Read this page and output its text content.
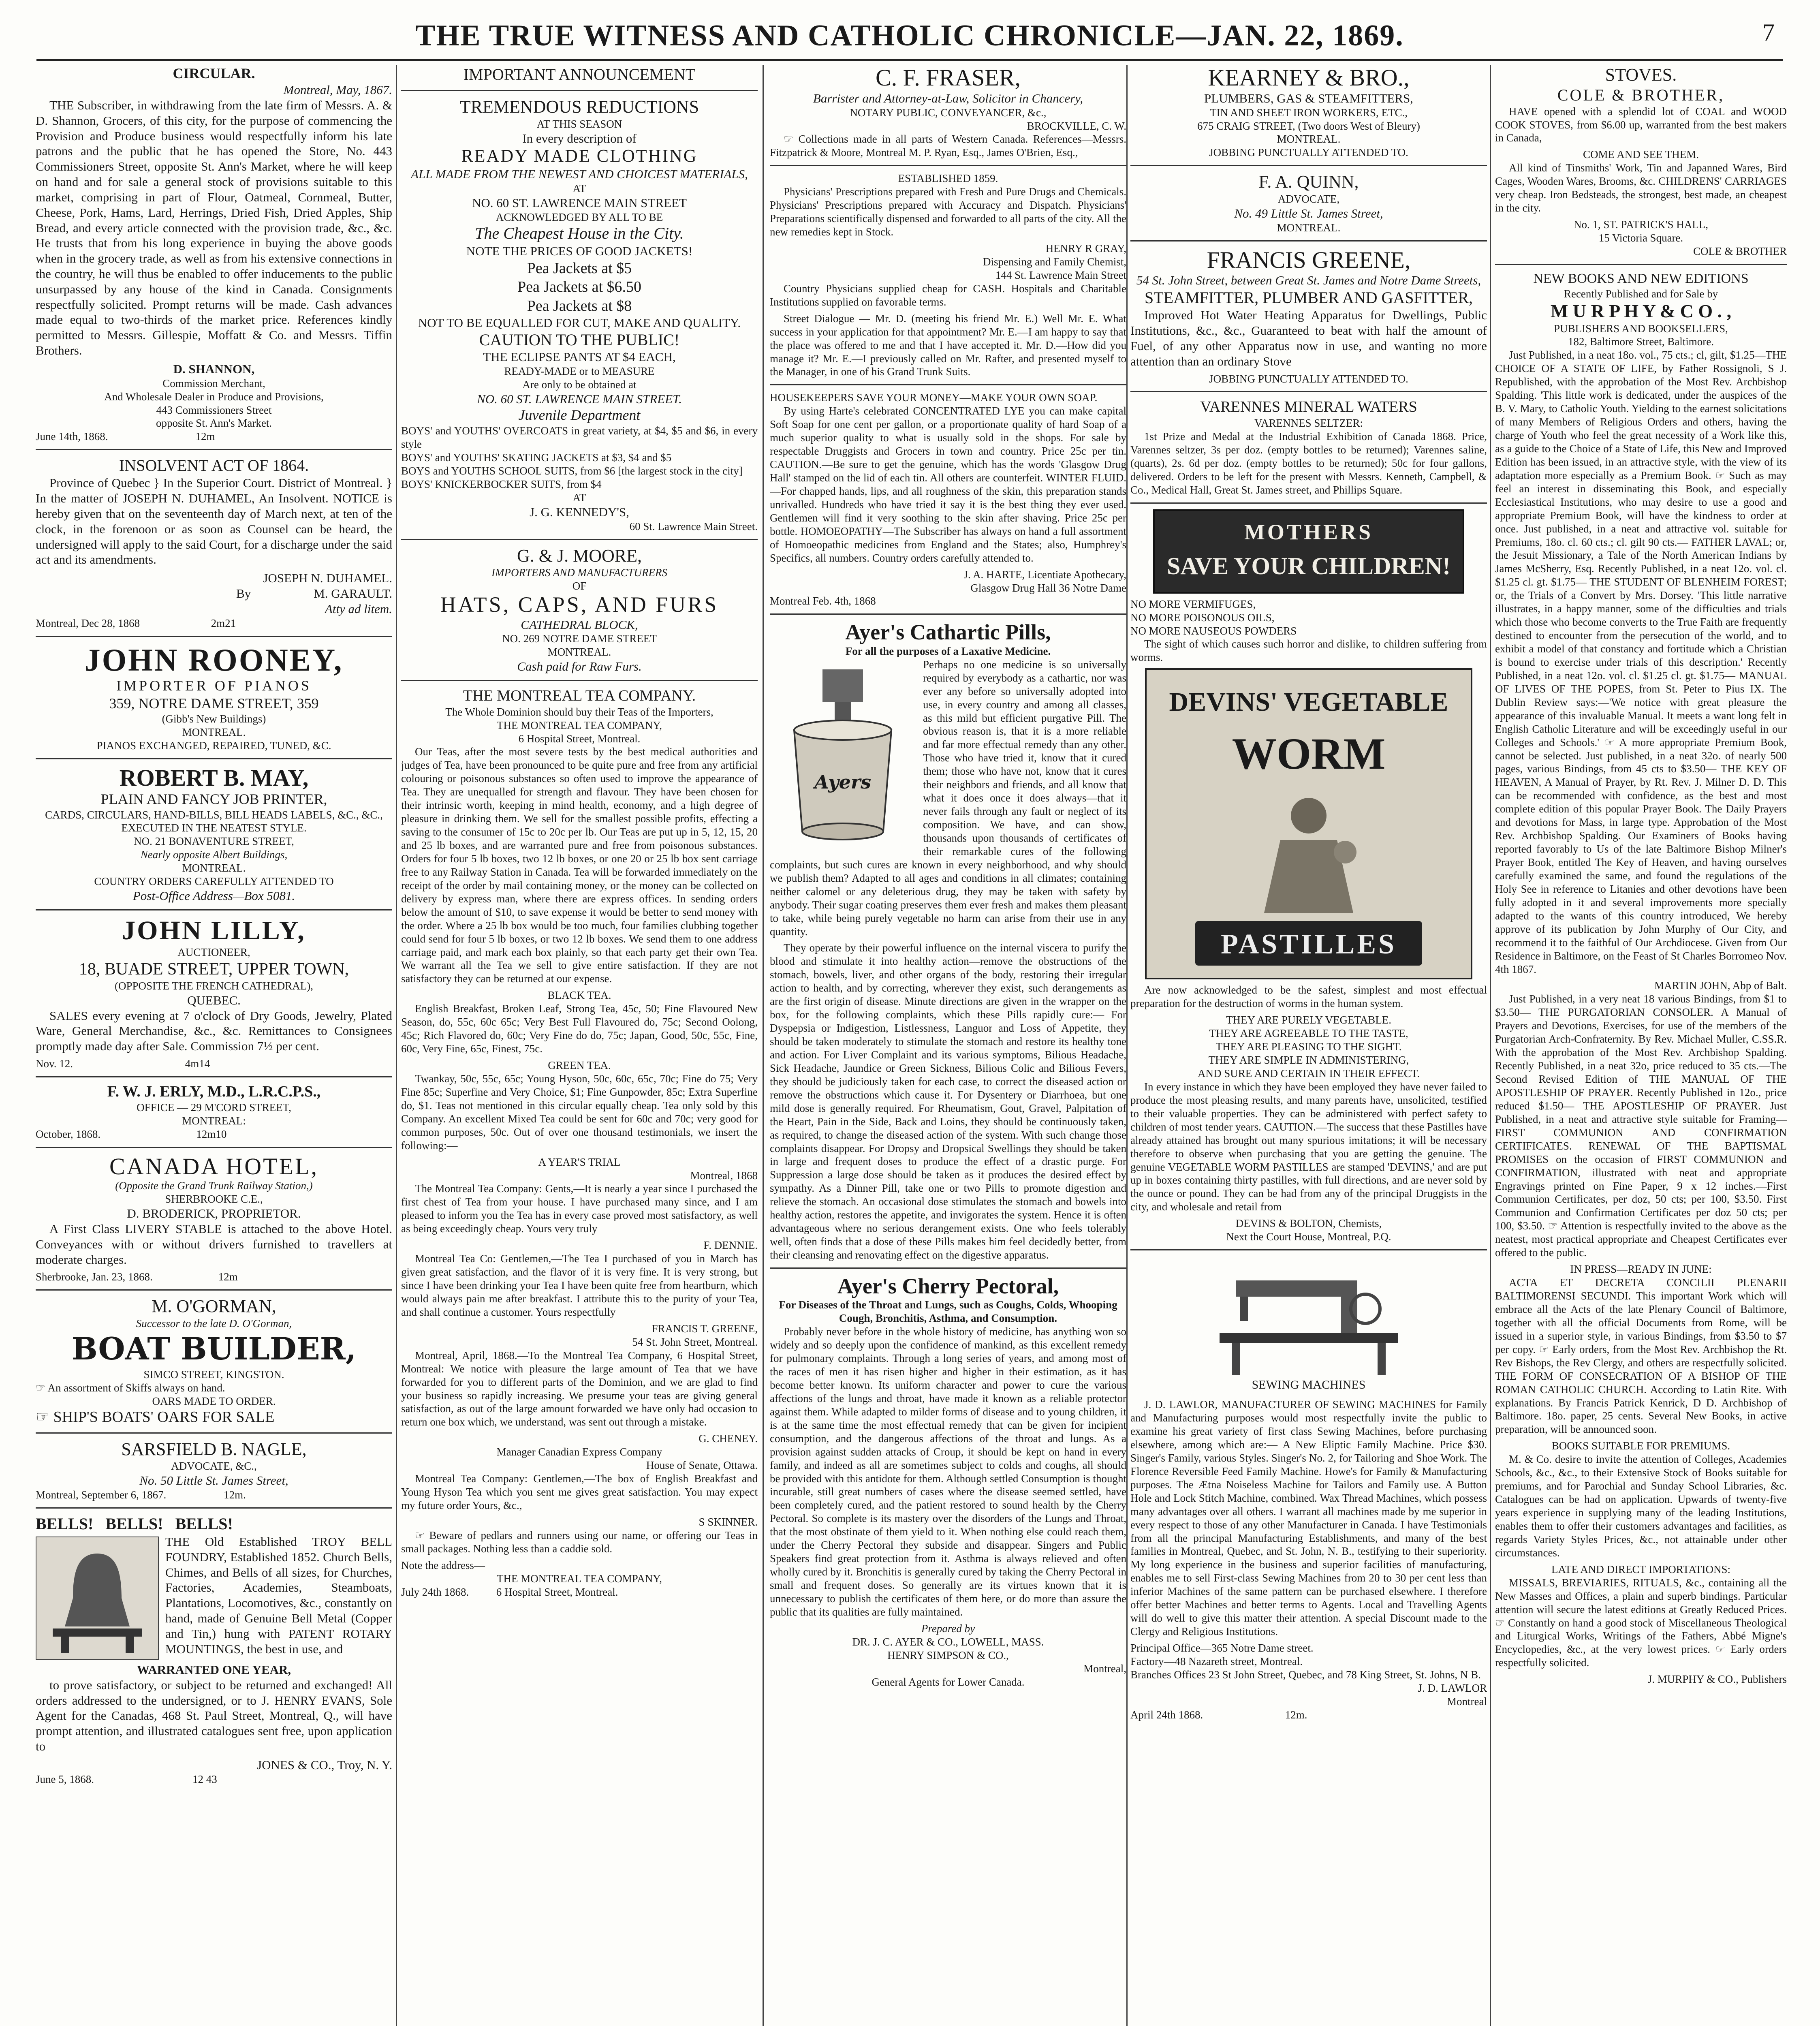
THE TRUE WITNESS AND CATHOLIC CHRONICLE—JAN. 22, 1869.	7
CIRCULAR.
Montreal, May, 1867.

THE Subscriber, in withdrawing from the late firm of Messrs. A. & D. Shannon, Grocers, of this city, for the purpose of commencing the Provision and Produce business would respectfully inform his late patrons and the public that he has opened the Store, No. 443 Commissioners Street, opposite St. Ann's Market, where he will keep on hand and for sale a general stock of provisions suitable to this market, comprising in part of Flour, Oatmeal, Cornmeal, Butter, Cheese, Pork, Hams, Lard, Herrings, Dried Fish, Dried Apples, Ship Bread, and every article connected with the provision trade, &c., &c. He trusts that from his long experience in buying the above goods when in the grocery trade, as well as from his extensive connections in the country, he will thus be enabled to offer inducements to the public unsurpassed by any house of the kind in Canada. Consignments respectfully solicited. Prompt returns will be made. Cash advances made equal to two-thirds of the market price. References kindly permitted to Messrs. Gillespie, Moffatt & Co. and Messrs. Tiffin Brothers.

D. SHANNON,
Commission Merchant,
And Wholesale Dealer in Produce and Provisions,
443 Commissioners Street
opposite St. Ann's Market.
June 14th, 1868.                                12m
INSOLVENT ACT OF 1864.

Province of Quebec } In the Superior Court. District of Montreal. } In the matter of JOSEPH N. DUHAMEL, An Insolvent. NOTICE is hereby given that on the seventeenth day of March next, at ten of the clock, in the forenoon or as soon as Counsel can be heard, the undersigned will apply to the said Court, for a discharge under the said act and its amendments.

JOSEPH N. DUHAMEL.
By                    M. GARAULT.
Atty ad litem.
Montreal, Dec 28, 1868                          2m21
JOHN ROONEY,
IMPORTER OF PIANOS
359, NOTRE DAME STREET, 359
(Gibb's New Buildings)
MONTREAL.
PIANOS EXCHANGED, REPAIRED, TUNED, &C.
ROBERT B. MAY,
PLAIN AND FANCY JOB PRINTER,
CARDS, CIRCULARS, HAND-BILLS, BILL HEADS LABELS, &C., &C.,
EXECUTED IN THE NEATEST STYLE.
NO. 21 BONAVENTURE STREET,
Nearly opposite Albert Buildings,
MONTREAL.
COUNTRY ORDERS CAREFULLY ATTENDED TO
Post-Office Address—Box 5081.
JOHN LILLY,
AUCTIONEER,
18, BUADE STREET, UPPER TOWN,
(OPPOSITE THE FRENCH CATHEDRAL),
QUEBEC.

SALES every evening at 7 o'clock of Dry Goods, Jewelry, Plated Ware, General Merchandise, &c., &c. Remittances to Consignees promptly made day after Sale. Commission 7½ per cent.

Nov. 12.                                         4m14
F. W. J. ERLY, M.D., L.R.C.P.S.,
OFFICE — 29 M'CORD STREET,
MONTREAL:
October, 1868.                                   12m10
CANADA HOTEL,
(Opposite the Grand Trunk Railway Station,)
SHERBROOKE C.E.,
D. BRODERICK, PROPRIETOR.

A First Class LIVERY STABLE is attached to the above Hotel. Conveyances with or without drivers furnished to travellers at moderate charges.

Sherbrooke, Jan. 23, 1868.                        12m
M. O'GORMAN,
Successor to the late D. O'Gorman,
BOAT BUILDER,
SIMCO STREET, KINGSTON.
☞ An assortment of Skiffs always on hand.
OARS MADE TO ORDER.
☞ SHIP'S BOATS' OARS FOR SALE
SARSFIELD B. NAGLE,
ADVOCATE, &C.,
No. 50 Little St. James Street,
Montreal, September 6, 1867.                     12m.
BELLS!   BELLS!   BELLS!

THE Old Established TROY BELL FOUNDRY, Established 1852. Church Bells, Chimes, and Bells of all sizes, for Churches, Factories, Academies, Steamboats, Plantations, Locomotives, &c., constantly on hand, made of Genuine Bell Metal (Copper and Tin,) hung with PATENT ROTARY MOUNTINGS, the best in use, and

WARRANTED ONE YEAR,

to prove satisfactory, or subject to be returned and exchanged! All orders addressed to the undersigned, or to J. HENRY EVANS, Sole Agent for the Canadas, 468 St. Paul Street, Montreal, Q., will have prompt attention, and illustrated catalogues sent free, upon application to

JONES & CO., Troy, N. Y.
June 5, 1868.                                    12 43
IMPORTANT ANNOUNCEMENT
TREMENDOUS REDUCTIONS
AT THIS SEASON
In every description of
READY MADE CLOTHING
ALL MADE FROM THE NEWEST AND CHOICEST MATERIALS,
AT
NO. 60 ST. LAWRENCE MAIN STREET
ACKNOWLEDGED BY ALL TO BE
The Cheapest House in the City.
NOTE THE PRICES OF GOOD JACKETS!
Pea Jackets at $5
Pea Jackets at $6.50
Pea Jackets at $8
NOT TO BE EQUALLED FOR CUT, MAKE AND QUALITY.
CAUTION TO THE PUBLIC!
THE ECLIPSE PANTS AT $4 EACH,
READY-MADE or to MEASURE
Are only to be obtained at
NO. 60 ST. LAWRENCE MAIN STREET.
Juvenile Department
BOYS' and YOUTHS' OVERCOATS in great variety, at $4, $5 and $6, in every style
BOYS' and YOUTHS' SKATING JACKETS at $3, $4 and $5
BOYS and YOUTHS SCHOOL SUITS, from $6 [the largest stock in the city]
BOYS' KNICKERBOCKER SUITS, from $4
AT
J. G. KENNEDY'S,
60 St. Lawrence Main Street.
G. & J. MOORE,
IMPORTERS AND MANUFACTURERS
OF
HATS, CAPS, AND FURS
CATHEDRAL BLOCK,
NO. 269 NOTRE DAME STREET
MONTREAL.
Cash paid for Raw Furs.
THE MONTREAL TEA COMPANY.
The Whole Dominion should buy their Teas of the Importers,
THE MONTREAL TEA COMPANY,
6 Hospital Street, Montreal.

Our Teas, after the most severe tests by the best medical authorities and judges of Tea, have been pronounced to be quite pure and free from any artificial colouring or poisonous substances so often used to improve the appearance of Tea. They are unequalled for strength and flavour. They have been chosen for their intrinsic worth, keeping in mind health, economy, and a high degree of pleasure in drinking them. We sell for the smallest possible profits, effecting a saving to the consumer of 15c to 20c per lb. Our Teas are put up in 5, 12, 15, 20 and 25 lb boxes, and are warranted pure and free from poisonous substances. Orders for four 5 lb boxes, two 12 lb boxes, or one 20 or 25 lb box sent carriage free to any Railway Station in Canada. Tea will be forwarded immediately on the receipt of the order by mail containing money, or the money can be collected on delivery by express man, where there are express offices. In sending orders below the amount of $10, to save expense it would be better to send money with the order. Where a 25 lb box would be too much, four families clubbing together could send for four 5 lb boxes, or two 12 lb boxes. We send them to one address carriage paid, and mark each box plainly, so that each party get their own Tea. We warrant all the Tea we sell to give entire satisfaction. If they are not satisfactory they can be returned at our expense.

BLACK TEA.

English Breakfast, Broken Leaf, Strong Tea, 45c, 50; Fine Flavoured New Season, do, 55c, 60c 65c; Very Best Full Flavoured do, 75c; Second Oolong, 45c; Rich Flavored do, 60c; Very Fine do do, 75c; Japan, Good, 50c, 55c, Fine, 60c, Very Fine, 65c, Finest, 75c.

GREEN TEA.

Twankay, 50c, 55c, 65c; Young Hyson, 50c, 60c, 65c, 70c; Fine do 75; Very Fine 85c; Superfine and Very Choice, $1; Fine Gunpowder, 85c; Extra Superfine do, $1. Teas not mentioned in this circular equally cheap. Tea only sold by this Company. An excellent Mixed Tea could be sent for 60c and 70c; very good for common purposes, 50c. Out of over one thousand testimonials, we insert the following:—

A YEAR'S TRIAL
Montreal, 1868

The Montreal Tea Company: Gents,—It is nearly a year since I purchased the first chest of Tea from your house. I have purchased many since, and I am pleased to inform you the Tea has in every case proved most satisfactory, as well as being exceedingly cheap. Yours very truly

F. DENNIE.

Montreal Tea Co: Gentlemen,—The Tea I purchased of you in March has given great satisfaction, and the flavor of it is very fine. It is very strong, but since I have been drinking your Tea I have been quite free from heartburn, which would always pain me after breakfast. I attribute this to the purity of your Tea, and shall continue a customer. Yours respectfully

FRANCIS T. GREENE,
54 St. John Street, Montreal.

Montreal, April, 1868.—To the Montreal Tea Company, 6 Hospital Street, Montreal: We notice with pleasure the large amount of Tea that we have forwarded for you to different parts of the Dominion, and we are glad to find your business so rapidly increasing. We presume your teas are giving general satisfaction, as out of the large amount forwarded we have only had occasion to return one box which, we understand, was sent out through a mistake.

G. CHENEY.
Manager Canadian Express Company
House of Senate, Ottawa.

Montreal Tea Company: Gentlemen,—The box of English Breakfast and Young Hyson Tea which you sent me gives great satisfaction. You may expect my future order Yours, &c.,

S SKINNER.

☞ Beware of pedlars and runners using our name, or offering our Teas in small packages. Nothing less than a caddie sold.

Note the address—
THE MONTREAL TEA COMPANY,
July 24th 1868.          6 Hospital Street, Montreal.
C. F. FRASER,
Barrister and Attorney-at-Law, Solicitor in Chancery,
NOTARY PUBLIC, CONVEYANCER, &c.,
BROCKVILLE, C. W.

☞ Collections made in all parts of Western Canada. References—Messrs. Fitzpatrick & Moore, Montreal M. P. Ryan, Esq., James O'Brien, Esq.,

ESTABLISHED 1859.

Physicians' Prescriptions prepared with Fresh and Pure Drugs and Chemicals. Physicians' Prescriptions prepared with Accuracy and Dispatch. Physicians' Preparations scientifically dispensed and forwarded to all parts of the city. All the new remedies kept in Stock.

HENRY R GRAY,
Dispensing and Family Chemist,
144 St. Lawrence Main Street

Country Physicians supplied cheap for CASH. Hospitals and Charitable Institutions supplied on favorable terms.

Street Dialogue — Mr. D. (meeting his friend Mr. E.) Well Mr. E. What success in your application for that appointment? Mr. E.—I am happy to say that the place was offered to me and that I have accepted it. Mr. D.—How did you manage it? Mr. E.—I previously called on Mr. Rafter, and presented myself to the Manager, in one of his Grand Trunk Suits.

HOUSEKEEPERS SAVE YOUR MONEY—MAKE YOUR OWN SOAP.

By using Harte's celebrated CONCENTRATED LYE you can make capital Soft Soap for one cent per gallon, or a proportionate quality of hard Soap of a much superior quality to what is usually sold in the shops. For sale by respectable Druggists and Grocers in town and country. Price 25c per tin. CAUTION.—Be sure to get the genuine, which has the words 'Glasgow Drug Hall' stamped on the lid of each tin. All others are counterfeit. WINTER FLUID.—For chapped hands, lips, and all roughness of the skin, this preparation stands unrivalled. Hundreds who have tried it say it is the best thing they ever used. Gentlemen will find it very soothing to the skin after shaving. Price 25c per bottle. HOMOEOPATHY—The Subscriber has always on hand a full assortment of Homoeopathic medicines from England and the States; also, Humphrey's Specifics, all numbers. Country orders carefully attended to.

J. A. HARTE, Licentiate Apothecary,
Glasgow Drug Hall 36 Notre Dame
Montreal Feb. 4th, 1868
Ayer's Cathartic Pills,
For all the purposes of a Laxative Medicine.
Ayers

Perhaps no one medicine is so universally required by everybody as a cathartic, nor was ever any before so universally adopted into use, in every country and among all classes, as this mild but efficient purgative Pill. The obvious reason is, that it is a more reliable and far more effectual remedy than any other. Those who have tried it, know that it cured them; those who have not, know that it cures their neighbors and friends, and all know that what it does once it does always—that it never fails through any fault or neglect of its composition. We have, and can show, thousands upon thousands of certificates of their remarkable cures of the following complaints, but such cures are known in every neighborhood, and why should we publish them? Adapted to all ages and conditions in all climates; containing neither calomel or any deleterious drug, they may be taken with safety by anybody. Their sugar coating preserves them ever fresh and makes them pleasant to take, while being purely vegetable no harm can arise from their use in any quantity.

They operate by their powerful influence on the internal viscera to purify the blood and stimulate it into healthy action—remove the obstructions of the stomach, bowels, liver, and other organs of the body, restoring their irregular action to health, and by correcting, wherever they exist, such derangements as are the first origin of disease. Minute directions are given in the wrapper on the box, for the following complaints, which these Pills rapidly cure:— For Dyspepsia or Indigestion, Listlessness, Languor and Loss of Appetite, they should be taken moderately to stimulate the stomach and restore its healthy tone and action. For Liver Complaint and its various symptoms, Bilious Headache, Sick Headache, Jaundice or Green Sickness, Bilious Colic and Bilious Fevers, they should be judiciously taken for each case, to correct the diseased action or remove the obstructions which cause it. For Dysentery or Diarrhoea, but one mild dose is generally required. For Rheumatism, Gout, Gravel, Palpitation of the Heart, Pain in the Side, Back and Loins, they should be continuously taken, as required, to change the diseased action of the system. With such change those complaints disappear. For Dropsy and Dropsical Swellings they should be taken in large and frequent doses to produce the effect of a drastic purge. For Suppression a large dose should be taken as it produces the desired effect by sympathy. As a Dinner Pill, take one or two Pills to promote digestion and relieve the stomach. An occasional dose stimulates the stomach and bowels into healthy action, restores the appetite, and invigorates the system. Hence it is often advantageous where no serious derangement exists. One who feels tolerably well, often finds that a dose of these Pills makes him feel decidedly better, from their cleansing and renovating effect on the digestive apparatus.

Ayer's Cherry Pectoral,
For Diseases of the Throat and Lungs, such as Coughs, Colds, Whooping Cough, Bronchitis, Asthma, and Consumption.

Probably never before in the whole history of medicine, has anything won so widely and so deeply upon the confidence of mankind, as this excellent remedy for pulmonary complaints. Through a long series of years, and among most of the races of men it has risen higher and higher in their estimation, as it has become better known. Its uniform character and power to cure the various affections of the lungs and throat, have made it known as a reliable protector against them. While adapted to milder forms of disease and to young children, it is at the same time the most effectual remedy that can be given for incipient consumption, and the dangerous affections of the throat and lungs. As a provision against sudden attacks of Croup, it should be kept on hand in every family, and indeed as all are sometimes subject to colds and coughs, all should be provided with this antidote for them. Although settled Consumption is thought incurable, still great numbers of cases where the disease seemed settled, have been completely cured, and the patient restored to sound health by the Cherry Pectoral. So complete is its mastery over the disorders of the Lungs and Throat, that the most obstinate of them yield to it. When nothing else could reach them, under the Cherry Pectoral they subside and disappear. Singers and Public Speakers find great protection from it. Asthma is always relieved and often wholly cured by it. Bronchitis is generally cured by taking the Cherry Pectoral in small and frequent doses. So generally are its virtues known that it is unnecessary to publish the certificates of them here, or do more than assure the public that its qualities are fully maintained.

Prepared by
DR. J. C. AYER & CO., LOWELL, MASS.
HENRY SIMPSON & CO.,
Montreal,
General Agents for Lower Canada.
KEARNEY & BRO.,
PLUMBERS, GAS & STEAMFITTERS,
TIN AND SHEET IRON WORKERS, ETC.,
675 CRAIG STREET, (Two doors West of Bleury)
MONTREAL.
JOBBING PUNCTUALLY ATTENDED TO.
F. A. QUINN,
ADVOCATE,
No. 49 Little St. James Street,
MONTREAL.
FRANCIS GREENE,
54 St. John Street, between Great St. James and Notre Dame Streets,
STEAMFITTER, PLUMBER AND GASFITTER,

Improved Hot Water Heating Apparatus for Dwellings, Public Institutions, &c., &c., Guaranteed to beat with half the amount of Fuel, of any other Apparatus now in use, and wanting no more attention than an ordinary Stove

JOBBING PUNCTUALLY ATTENDED TO.
VARENNES MINERAL WATERS
VARENNES SELTZER:

1st Prize and Medal at the Industrial Exhibition of Canada 1868. Price, Varennes seltzer, 3s per doz. (empty bottles to be returned); Varennes saline, (quarts), 2s. 6d per doz. (empty bottles to be returned); 50c for four gallons, delivered. Orders to be left for the present with Messrs. Kenneth, Campbell, & Co., Medical Hall, Great St. James street, and Phillips Square.

MOTHERS
SAVE YOUR CHILDREN!
NO MORE VERMIFUGES,
NO MORE POISONOUS OILS,
NO MORE NAUSEOUS POWDERS

The sight of which causes such horror and dislike, to children suffering from worms.

DEVINS' VEGETABLE
WORM
PASTILLES

Are now acknowledged to be the safest, simplest and most effectual preparation for the destruction of worms in the human system.

THEY ARE PURELY VEGETABLE.
THEY ARE AGREEABLE TO THE TASTE,
THEY ARE PLEASING TO THE SIGHT.
THEY ARE SIMPLE IN ADMINISTERING,
AND SURE AND CERTAIN IN THEIR EFFECT.

In every instance in which they have been employed they have never failed to produce the most pleasing results, and many parents have, unsolicited, testified to their valuable properties. They can be administered with perfect safety to children of most tender years. CAUTION.—The success that these Pastilles have already attained has brought out many spurious imitations; it will be necessary therefore to observe when purchasing that you are getting the genuine. The genuine VEGETABLE WORM PASTILLES are stamped 'DEVINS,' and are put up in boxes containing thirty pastilles, with full directions, and are never sold by the ounce or pound. They can be had from any of the principal Druggists in the city, and wholesale and retail from

DEVINS & BOLTON, Chemists,
Next the Court House, Montreal, P.Q.
SEWING MACHINES

J. D. LAWLOR, MANUFACTURER OF SEWING MACHINES for Family and Manufacturing purposes would most respectfully invite the public to examine his great variety of first class Sewing Machines, before purchasing elsewhere, among which are:— A New Eliptic Family Machine. Price $30. Singer's Family, various Styles. Singer's No. 2, for Tailoring and Shoe Work. The Florence Reversible Feed Family Machine. Howe's for Family & Manufacturing purposes. The Ætna Noiseless Machine for Tailors and Family use. A Button Hole and Lock Stitch Machine, combined. Wax Thread Machines, which possess many advantages over all others. I warrant all machines made by me superior in every respect to those of any other Manufacturer in Canada. I have Testimonials from all the principal Manufacturing Establishments, and many of the best families in Montreal, Quebec, and St. John, N. B., testifying to their superiority. My long experience in the business and superior facilities of manufacturing, enables me to sell First-class Sewing Machines from 20 to 30 per cent less than inferior Machines of the same pattern can be purchased elsewhere. I therefore offer better Machines and better terms to Agents. Local and Travelling Agents will do well to give this matter their attention. A special Discount made to the Clergy and Religious Institutions.

Principal Office—365 Notre Dame street.
Factory—48 Nazareth street, Montreal.
Branches Offices 23 St John Street, Quebec, and 78 King Street, St. Johns, N B.
J. D. LAWLOR
Montreal
April 24th 1868.                              12m.
STOVES.
COLE & BROTHER,

HAVE opened with a splendid lot of COAL and WOOD COOK STOVES, from $6.00 up, warranted from the best makers in Canada,

COME AND SEE THEM.

All kind of Tinsmiths' Work, Tin and Japanned Wares, Bird Cages, Wooden Wares, Brooms, &c. CHILDRENS' CARRIAGES very cheap. Iron Bedsteads, the strongest, best made, an cheapest in the city.

No. 1, ST. PATRICK'S HALL,
15 Victoria Square.
COLE & BROTHER
NEW BOOKS AND NEW EDITIONS
Recently Published and for Sale by
M U R P H Y & C O . ,
PUBLISHERS AND BOOKSELLERS,
182, Baltimore Street, Baltimore.

Just Published, in a neat 18o. vol., 75 cts.; cl, gilt, $1.25—THE CHOICE OF A STATE OF LIFE, by Father Rossignoli, S J. Republished, with the approbation of the Most Rev. Archbishop Spalding. 'This little work is dedicated, under the auspices of the B. V. Mary, to Catholic Youth. Yielding to the earnest solicitations of many Members of Religious Orders and others, having the charge of Youth who feel the great necessity of a Work like this, as a guide to the Choice of a State of Life, this New and Improved Edition has been issued, in an attractive style, with the view of its adaptation more especially as a Premium Book. ☞ Such as may feel an interest in disseminating this Book, and especially Ecclesiastical Institutions, who may desire to use a good and appropriate Premium Book, will have the kindness to order at once. Just published, in a neat and attractive vol. suitable for Premiums, 18o. cl. 60 cts.; cl. gilt 90 cts.— FATHER LAVAL; or, the Jesuit Missionary, a Tale of the North American Indians by James McSherry, Esq. Recently Published, in a neat 12o. vol. cl. $1.25 cl. gt. $1.75— THE STUDENT OF BLENHEIM FOREST; or, the Trials of a Convert by Mrs. Dorsey. 'This little narrative illustrates, in a happy manner, some of the difficulties and trials which those who become converts to the True Faith are frequently destined to encounter from the persecution of the world, and to exhibit a model of that constancy and fortitude which a Christian is bound to exercise under trials of this description.' Recently Published, in a neat 12o. vol. cl. $1.25 cl. gt. $1.75— MANUAL OF LIVES OF THE POPES, from St. Peter to Pius IX. The Dublin Review says:—'We notice with great pleasure the appearance of this invaluable Manual. It meets a want long felt in English Catholic Literature and will be exceedingly useful in our Colleges and Schools.' ☞ A more appropriate Premium Book, cannot be selected. Just published, in a neat 32o. of nearly 500 pages, various Bindings, from 45 cts to $3.50— THE KEY OF HEAVEN, A Manual of Prayer, by Rt. Rev. J. Milner D. D. This can be recommended with confidence, as the best and most complete edition of this popular Prayer Book. The Daily Prayers and devotions for Mass, in large type. Approbation of the Most Rev. Archbishop Spalding. Our Examiners of Books having reported favorably to Us of the late Baltimore Bishop Milner's Prayer Book, entitled The Key of Heaven, and having ourselves carefully examined the same, and found the regulations of the Holy See in reference to Litanies and other devotions have been fully adopted in it and several improvements more specially adapted to the wants of this country introduced, We hereby approve of its publication by John Murphy of Our City, and recommend it to the faithful of Our Archdiocese. Given from Our Residence in Baltimore, on the Feast of St Charles Borromeo Nov. 4th 1867.

MARTIN JOHN, Abp of Balt.

Just Published, in a very neat 18 various Bindings, from $1 to $3.50— THE PURGATORIAN CONSOLER. A Manual of Prayers and Devotions, Exercises, for use of the members of the Purgatorian Arch-Confraternity. By Rev. Michael Muller, C.SS.R. With the approbation of the Most Rev. Archbishop Spalding. Recently Published, in a neat 32o, price reduced to 35 cts.—The Second Revised Edition of THE MANUAL OF THE APOSTLESHIP OF PRAYER. Recently Published in 12o., price reduced $1.50— THE APOSTLESHIP OF PRAYER. Just Published, in a neat and attractive style suitable for Framing— FIRST COMMUNION AND CONFIRMATION CERTIFICATES. RENEWAL OF THE BAPTISMAL PROMISES on the occasion of FIRST COMMUNION and CONFIRMATION, illustrated with neat and appropriate Engravings printed on Fine Paper, 9 x 12 inches.—First Communion Certificates, per doz, 50 cts; per 100, $3.50. First Communion and Confirmation Certificates per doz 50 cts; per 100, $3.50. ☞ Attention is respectfully invited to the above as the neatest, most practical appropriate and Cheapest Certificates ever offered to the public.

IN PRESS—READY IN JUNE:

ACTA ET DECRETA CONCILII PLENARII BALTIMORENSI SECUNDI. This important Work which will embrace all the Acts of the late Plenary Council of Baltimore, together with all the official Documents from Rome, will be issued in a superior style, in various Bindings, from $3.50 to $7 per copy. ☞ Early orders, from the Most Rev. Archbishop the Rt. Rev Bishops, the Rev Clergy, and others are respectfully solicited. THE FORM OF CONSECRATION OF A BISHOP OF THE ROMAN CATHOLIC CHURCH. According to Latin Rite. With explanations. By Francis Patrick Kenrick, D D. Archbishop of Baltimore. 18o. paper, 25 cents. Several New Books, in active preparation, will be announced soon.

BOOKS SUITABLE FOR PREMIUMS.

M. & Co. desire to invite the attention of Colleges, Academies Schools, &c., &c., to their Extensive Stock of Books suitable for premiums, and for Parochial and Sunday School Libraries, &c. Catalogues can be had on application. Upwards of twenty-five years experience in supplying many of the leading Institutions, enables them to offer their customers advantages and facilities, as regards Variety Styles Prices, &c., not attainable under other circumstances.

LATE AND DIRECT IMPORTATIONS:

MISSALS, BREVIARIES, RITUALS, &c., containing all the New Masses and Offices, a plain and superb bindings. Particular attention will secure the latest editions at Greatly Reduced Prices. ☞ Constantly on hand a good stock of Miscellaneous Theological and Liturgical Works, Writings of the Fathers, Abbé Migne's Encyclopedies, &c., at the very lowest prices. ☞ Early orders respectfully solicited.

J. MURPHY & CO., Publishers
